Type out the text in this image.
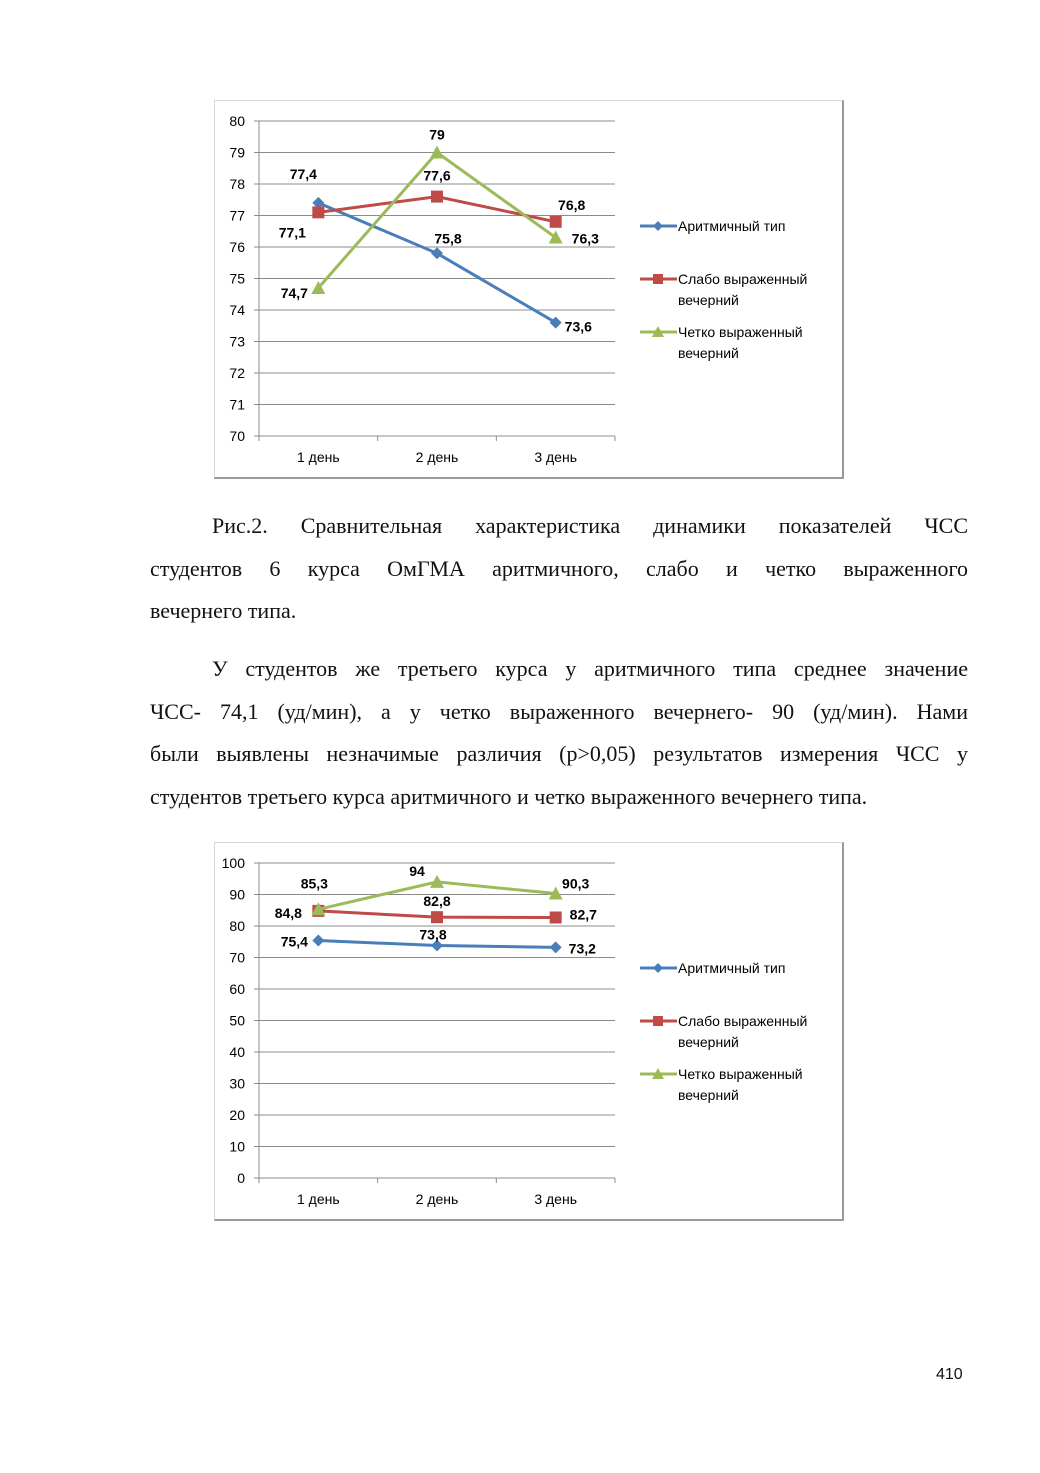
70
71
72
73
74
75
76
77
78
79
80
1 день	2 день	3 день
77,4
75,8
73,6
77,1
77,6
76,8
74,7
79
76,3
Аритмичный тип
Слабо выраженный
вечерний
Четко выраженный
вечерний

Рис.2. Сравнительная характеристика динамики показателей ЧСС
студентов 6 курса ОмГМА аритмичного, слабо и четко выраженного
вечернего типа.

У студентов же третьего курса у аритмичного типа среднее значение
ЧСС- 74,1 (уд/мин), а у четко выраженного вечернего- 90 (уд/мин). Нами
были выявлены незначимые различия (р>0,05) результатов измерения ЧСС у
студентов третьего курса аритмичного и четко выраженного вечернего типа.

0
10
20
30
40
50
60
70
80
90
100
1 день	2 день	3 день
75,4	73,8
73,2
84,8
82,8
82,7
85,3
94
90,3
Аритмичный тип
Слабо выраженный
вечерний
Четко выраженный
вечерний
410
